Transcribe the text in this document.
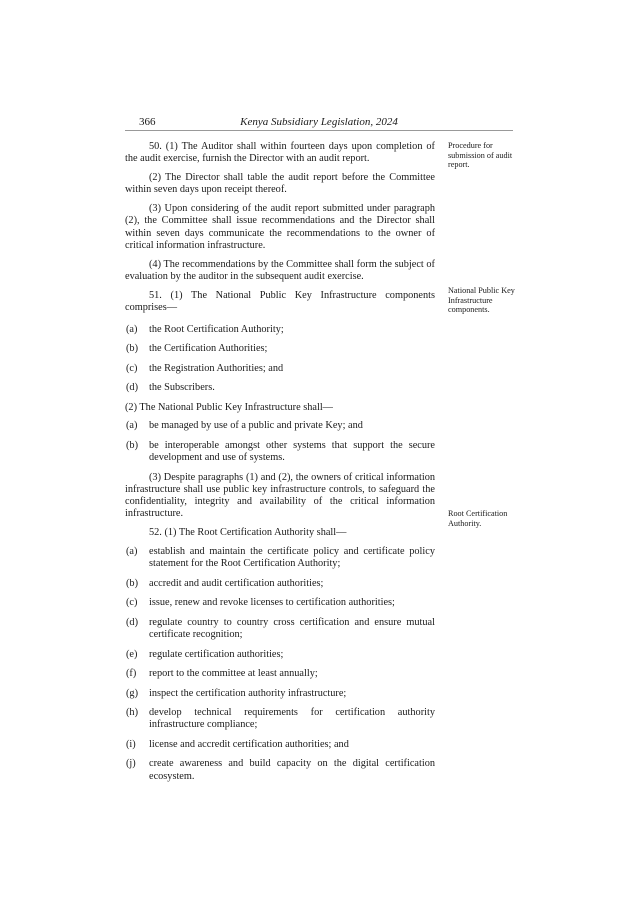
366	Kenya Subsidiary Legislation, 2024
Procedure for submission of audit report.
National Public Key Infrastructure components.
Root Certification Authority.

50. (1) The Auditor shall within fourteen days upon completion of the audit exercise, furnish the Director with an audit report.

(2) The Director shall table the audit report before the Committee within seven days upon receipt thereof.

(3) Upon considering of the audit report submitted under paragraph (2), the Committee shall issue recommendations and the Director shall within seven days communicate the recommendations to the owner of critical information infrastructure.

(4) The recommendations by the Committee shall form the subject of evaluation by the auditor in the subsequent audit exercise.

51. (1) The National Public Key Infrastructure components comprises—

(a)	the Root Certification Authority;
(b)	the Certification Authorities;
(c)	the Registration Authorities; and
(d)	the Subscribers.

(2) The National Public Key Infrastructure shall—

(a)	be managed by use of a public and private Key; and
(b)	be interoperable amongst other systems that support the secure development and use of systems.

(3) Despite paragraphs (1) and (2), the owners of critical information infrastructure shall use public key infrastructure controls, to safeguard the confidentiality, integrity and availability of the critical information infrastructure.

52. (1) The Root Certification Authority shall—

(a)	establish and maintain the certificate policy and certificate policy statement for the Root Certification Authority;
(b)	accredit and audit certification authorities;
(c)	issue, renew and revoke licenses to certification authorities;
(d)	regulate country to country cross certification and ensure mutual certificate recognition;
(e)	regulate certification authorities;
(f)	report to the committee at least annually;
(g)	inspect the certification authority infrastructure;
(h)	develop technical requirements for certification authority infrastructure compliance;
(i)	license and accredit certification authorities; and
(j)	create awareness and build capacity on the digital certification ecosystem.
